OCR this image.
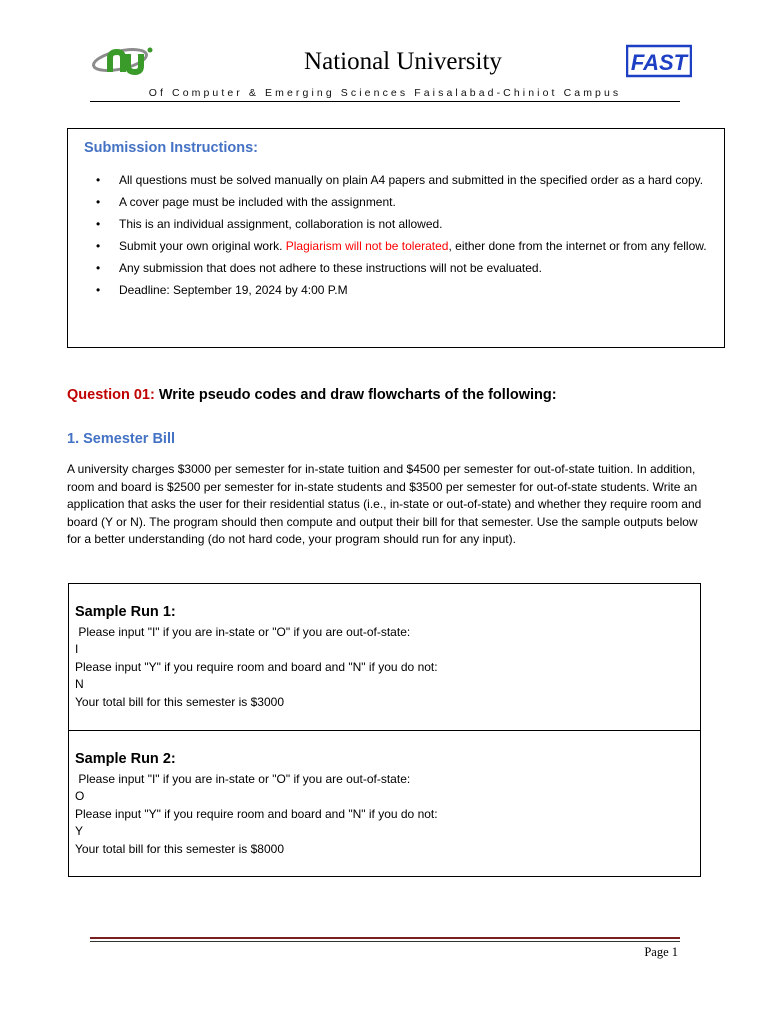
National University	FAST
Of Computer & Emerging Sciences Faisalabad-Chiniot Campus
Submission Instructions:
• All questions must be solved manually on plain A4 papers and submitted in the specified order as a hard copy.
• A cover page must be included with the assignment.
• This is an individual assignment, collaboration is not allowed.
• Submit your own original work. Plagiarism will not be tolerated, either done from the internet or from any fellow.
• Any submission that does not adhere to these instructions will not be evaluated.
• Deadline: September 19, 2024 by 4:00 P.M
Question 01: Write pseudo codes and draw flowcharts of the following:
1. Semester Bill
A university charges $3000 per semester for in-state tuition and $4500 per semester for out-of-state tuition. In addition, room and board is $2500 per semester for in-state students and $3500 per semester for out-of-state students. Write an application that asks the user for their residential status (i.e., in-state or out-of-state) and whether they require room and board (Y or N). The program should then compute and output their bill for that semester. Use the sample outputs below for a better understanding (do not hard code, your program should run for any input).
Sample Run 1:
Please input "I" if you are in-state or "O" if you are out-of-state:
I
Please input "Y" if you require room and board and "N" if you do not:
N
Your total bill for this semester is $3000
Sample Run 2:
Please input "I" if you are in-state or "O" if you are out-of-state:
O
Please input "Y" if you require room and board and "N" if you do not:
Y
Your total bill for this semester is $8000
Page 1
